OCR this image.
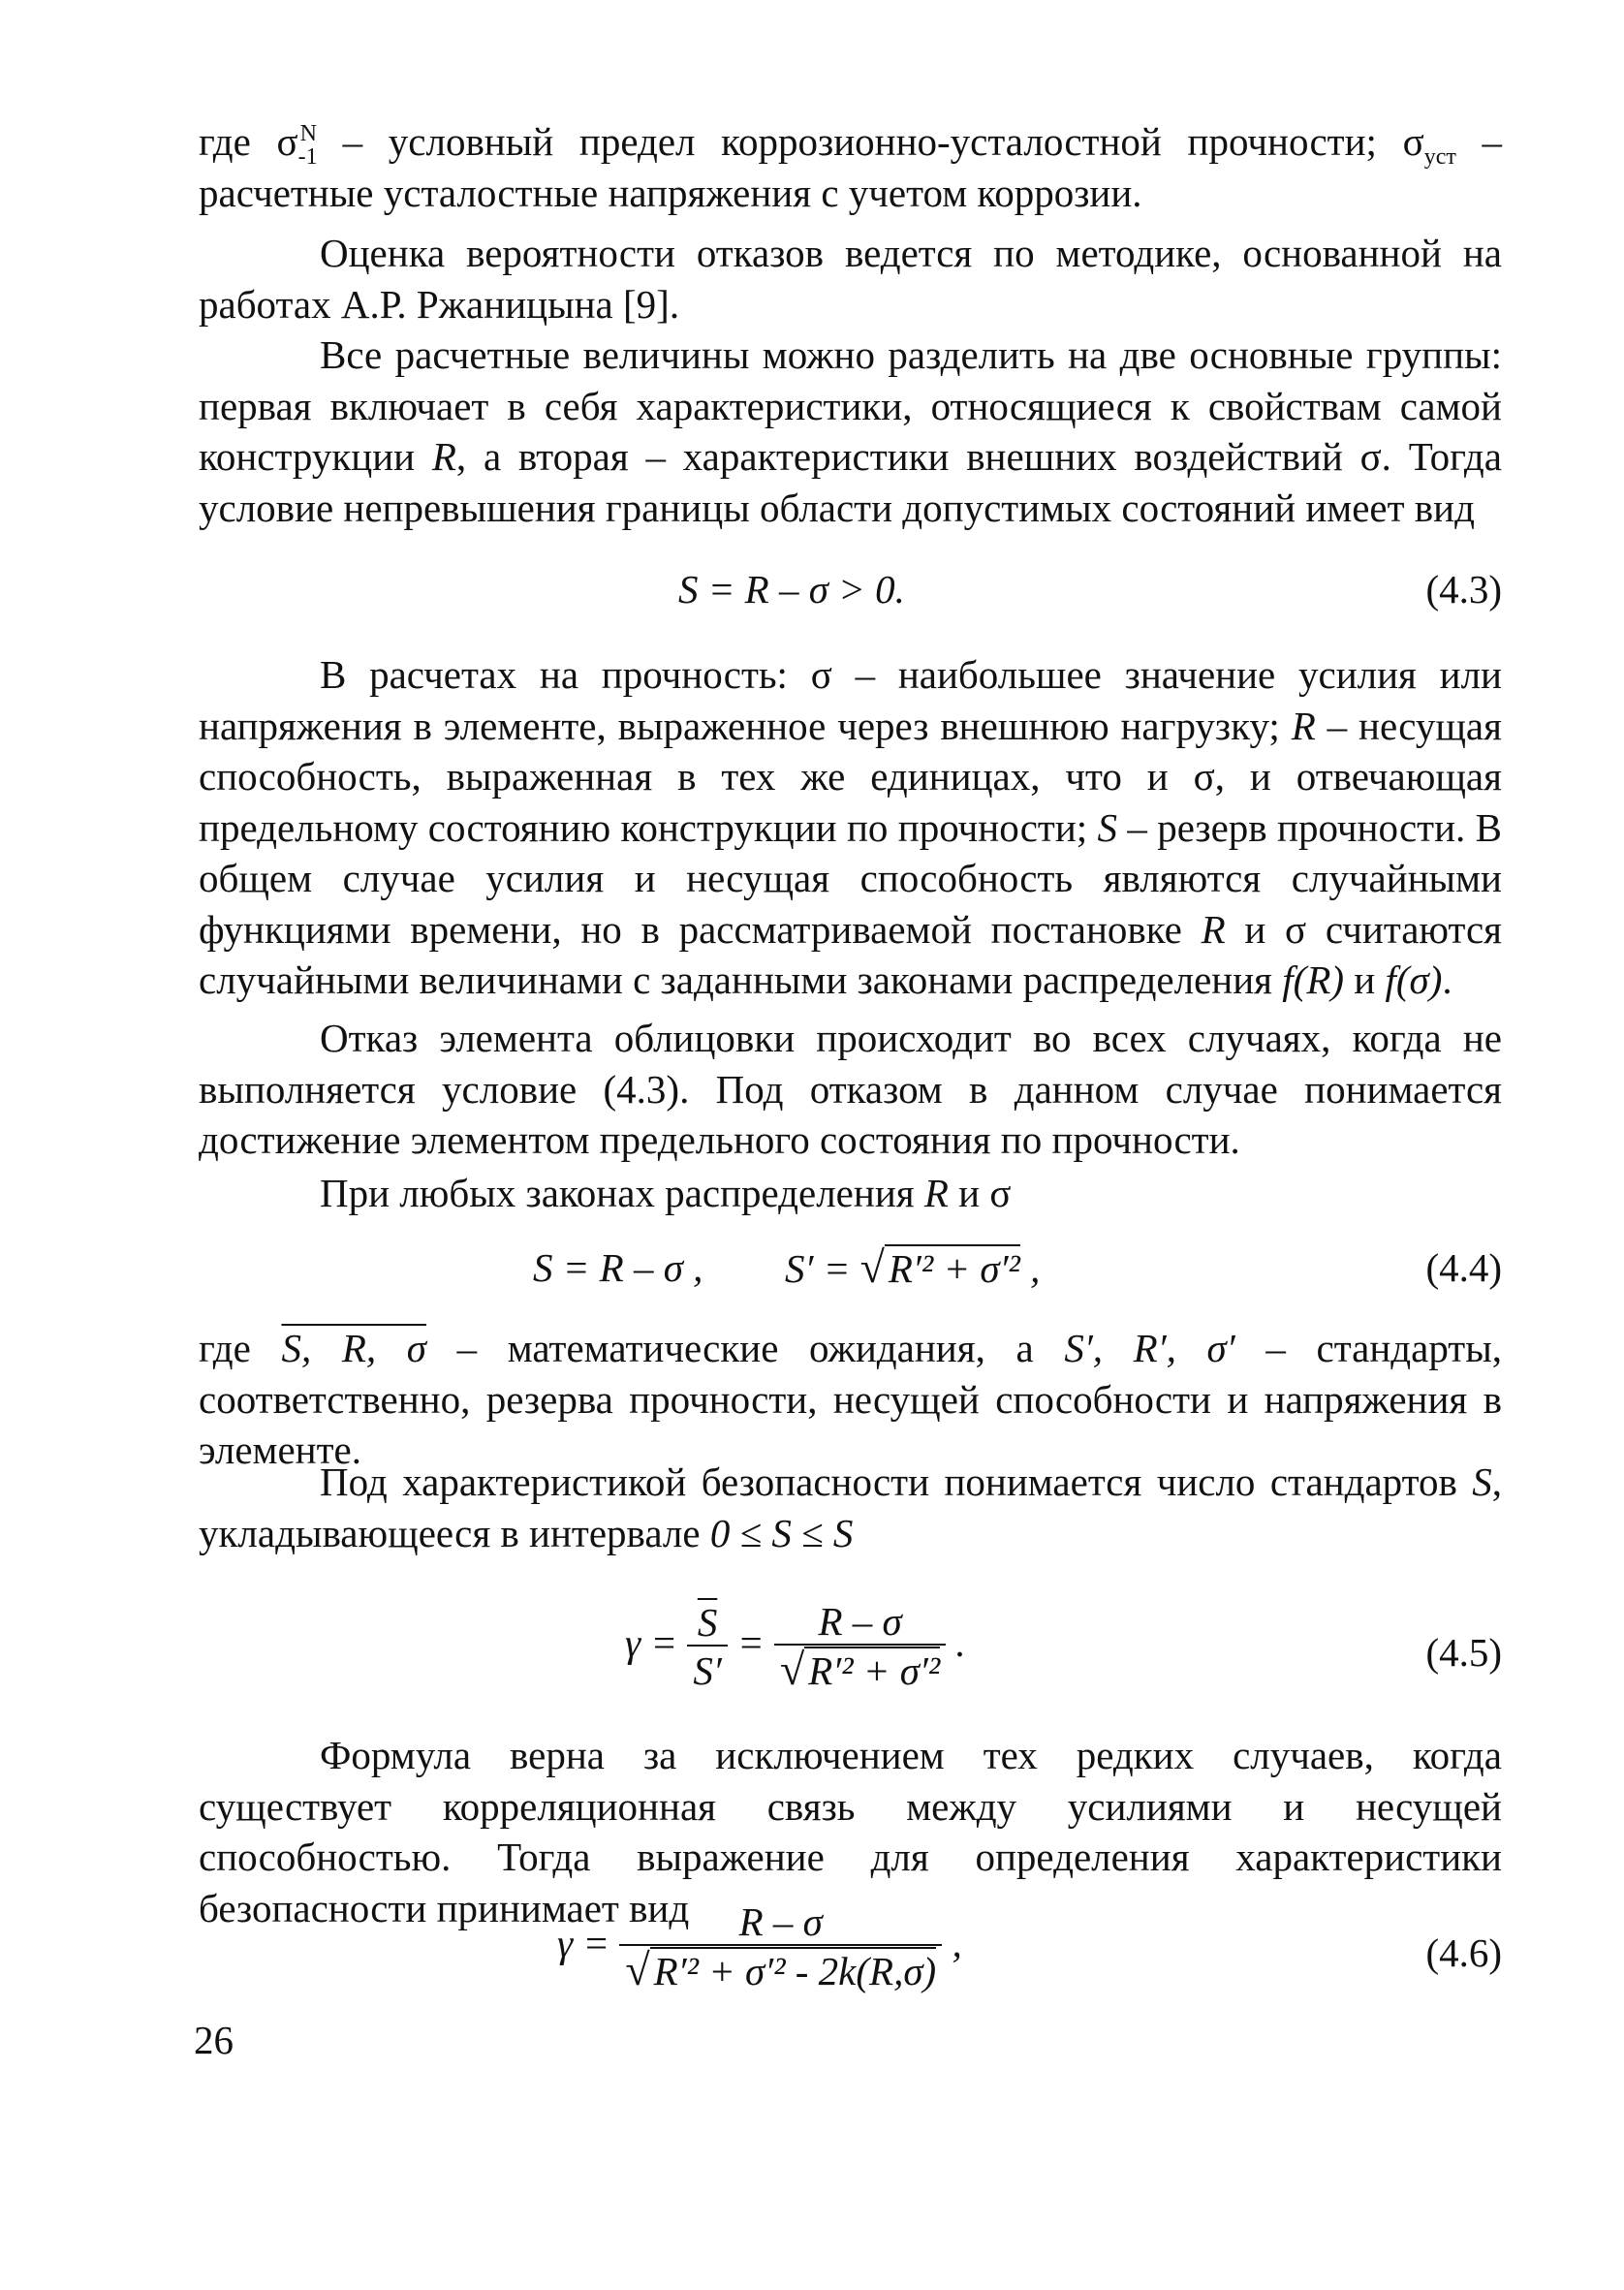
где $\sigma_{-1}^N$ – условный предел коррозионно-усталостной прочности; $\sigma_{уст}$ – расчетные усталостные напряжения с учетом коррозии.

Оценка вероятности отказов ведется по методике, основанной на работах А.Р. Ржаницына [9].

Все расчетные величины можно разделить на две основные группы: первая включает в себя характеристики, относящиеся к свойствам самой конструкции R, а вторая – характеристики внешних воздействий σ. Тогда условие непревышения границы области допустимых состояний имеет вид

S = R – σ > 0.	(4.3)

В расчетах на прочность: σ – наибольшее значение усилия или напряжения в элементе, выраженное через внешнюю нагрузку; R – несущая способность, выраженная в тех же единицах, что и σ, и отвечающая предельному состоянию конструкции по прочности; S – резерв прочности. В общем случае усилия и несущая способность являются случайными функциями времени, но в рассматриваемой постановке R и σ считаются случайными величинами с заданными законами распределения f(R) и f(σ).

Отказ элемента облицовки происходит во всех случаях, когда не выполняется условие (4.3). Под отказом в данном случае понимается достижение элементом предельного состояния по прочности.

При любых законах распределения R и σ

S = R – σ , S′ = √R′² + σ′² ,	(4.4)

где S, R, σ – математические ожидания, а S′, R′, σ′ – стандарты, соответственно, резерва прочности, несущей способности и напряжения в элементе.

Под характеристикой безопасности понимается число стандартов S, укладывающееся в интервале 0 ≤ S ≤ S

$\gamma = \frac{\overline{S}}{S'} = \frac{R - \sigma}{\text{√R′² + σ′²}}$ .	(4.5)

Формула верна за исключением тех редких случаев, когда существует корреляционная связь между усилиями и несущей способностью. Тогда выражение для определения характеристики безопасности принимает вид

$\gamma = \frac{R - \sigma}{\text{√R′² + σ′² - 2k(R,σ)}}$ ,	(4.6)
26
